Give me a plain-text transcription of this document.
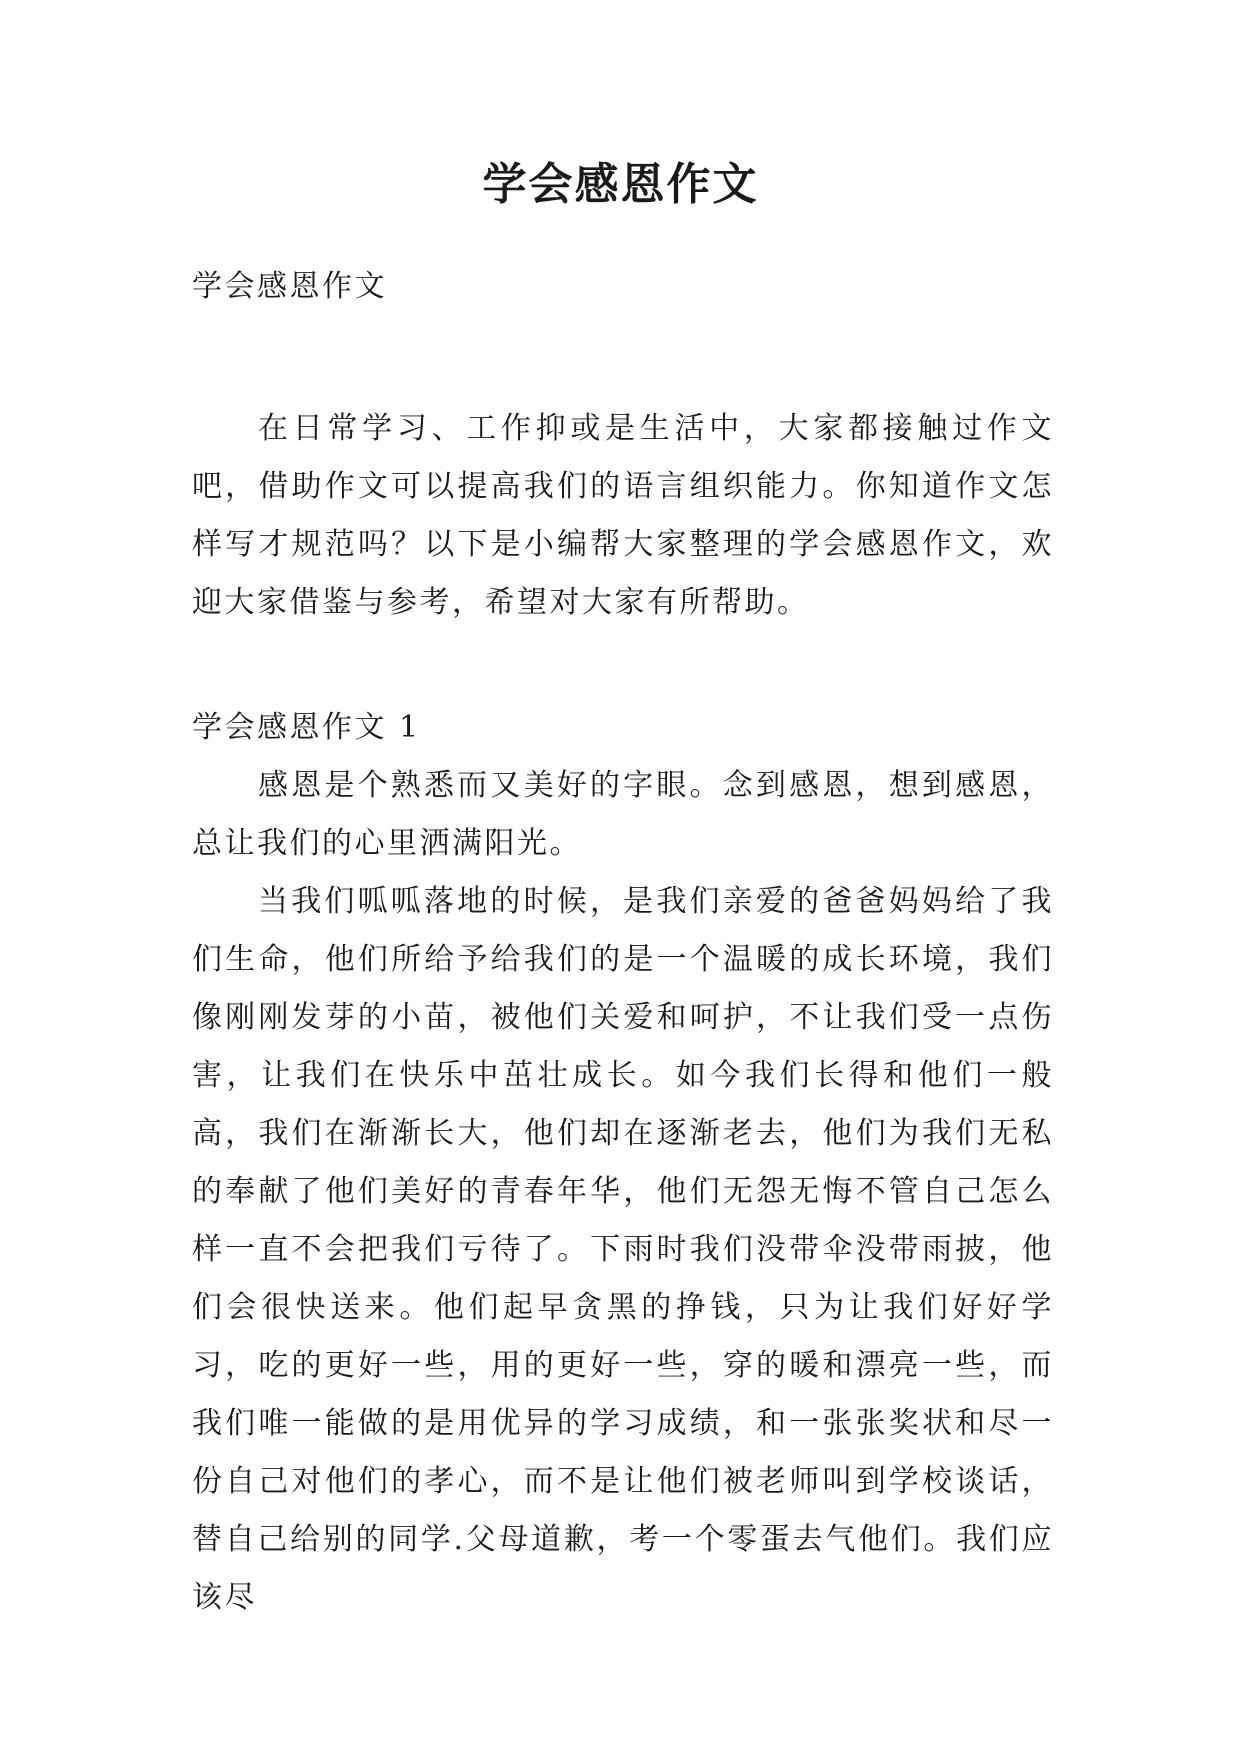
学会感恩作文

学会感恩作文

在日常学习、工作抑或是生活中，大家都接触过作文吧，借助作文可以提高我们的语言组织能力。你知道作文怎样写才规范吗？以下是小编帮大家整理的学会感恩作文，欢迎大家借鉴与参考，希望对大家有所帮助。

学会感恩作文 1

感恩是个熟悉而又美好的字眼。念到感恩，想到感恩，总让我们的心里洒满阳光。

当我们呱呱落地的时候，是我们亲爱的爸爸妈妈给了我们生命，他们所给予给我们的是一个温暖的成长环境，我们像刚刚发芽的小苗，被他们关爱和呵护，不让我们受一点伤害，让我们在快乐中茁壮成长。如今我们长得和他们一般高，我们在渐渐长大，他们却在逐渐老去，他们为我们无私的奉献了他们美好的青春年华，他们无怨无悔不管自己怎么样一直不会把我们亏待了。下雨时我们没带伞没带雨披，他们会很快送来。他们起早贪黑的挣钱，只为让我们好好学习，吃的更好一些，用的更好一些，穿的暖和漂亮一些，而我们唯一能做的是用优异的学习成绩，和一张张奖状和尽一份自己对他们的孝心，而不是让他们被老师叫到学校谈话，替自己给别的同学.父母道歉，考一个零蛋去气他们。我们应该尽
